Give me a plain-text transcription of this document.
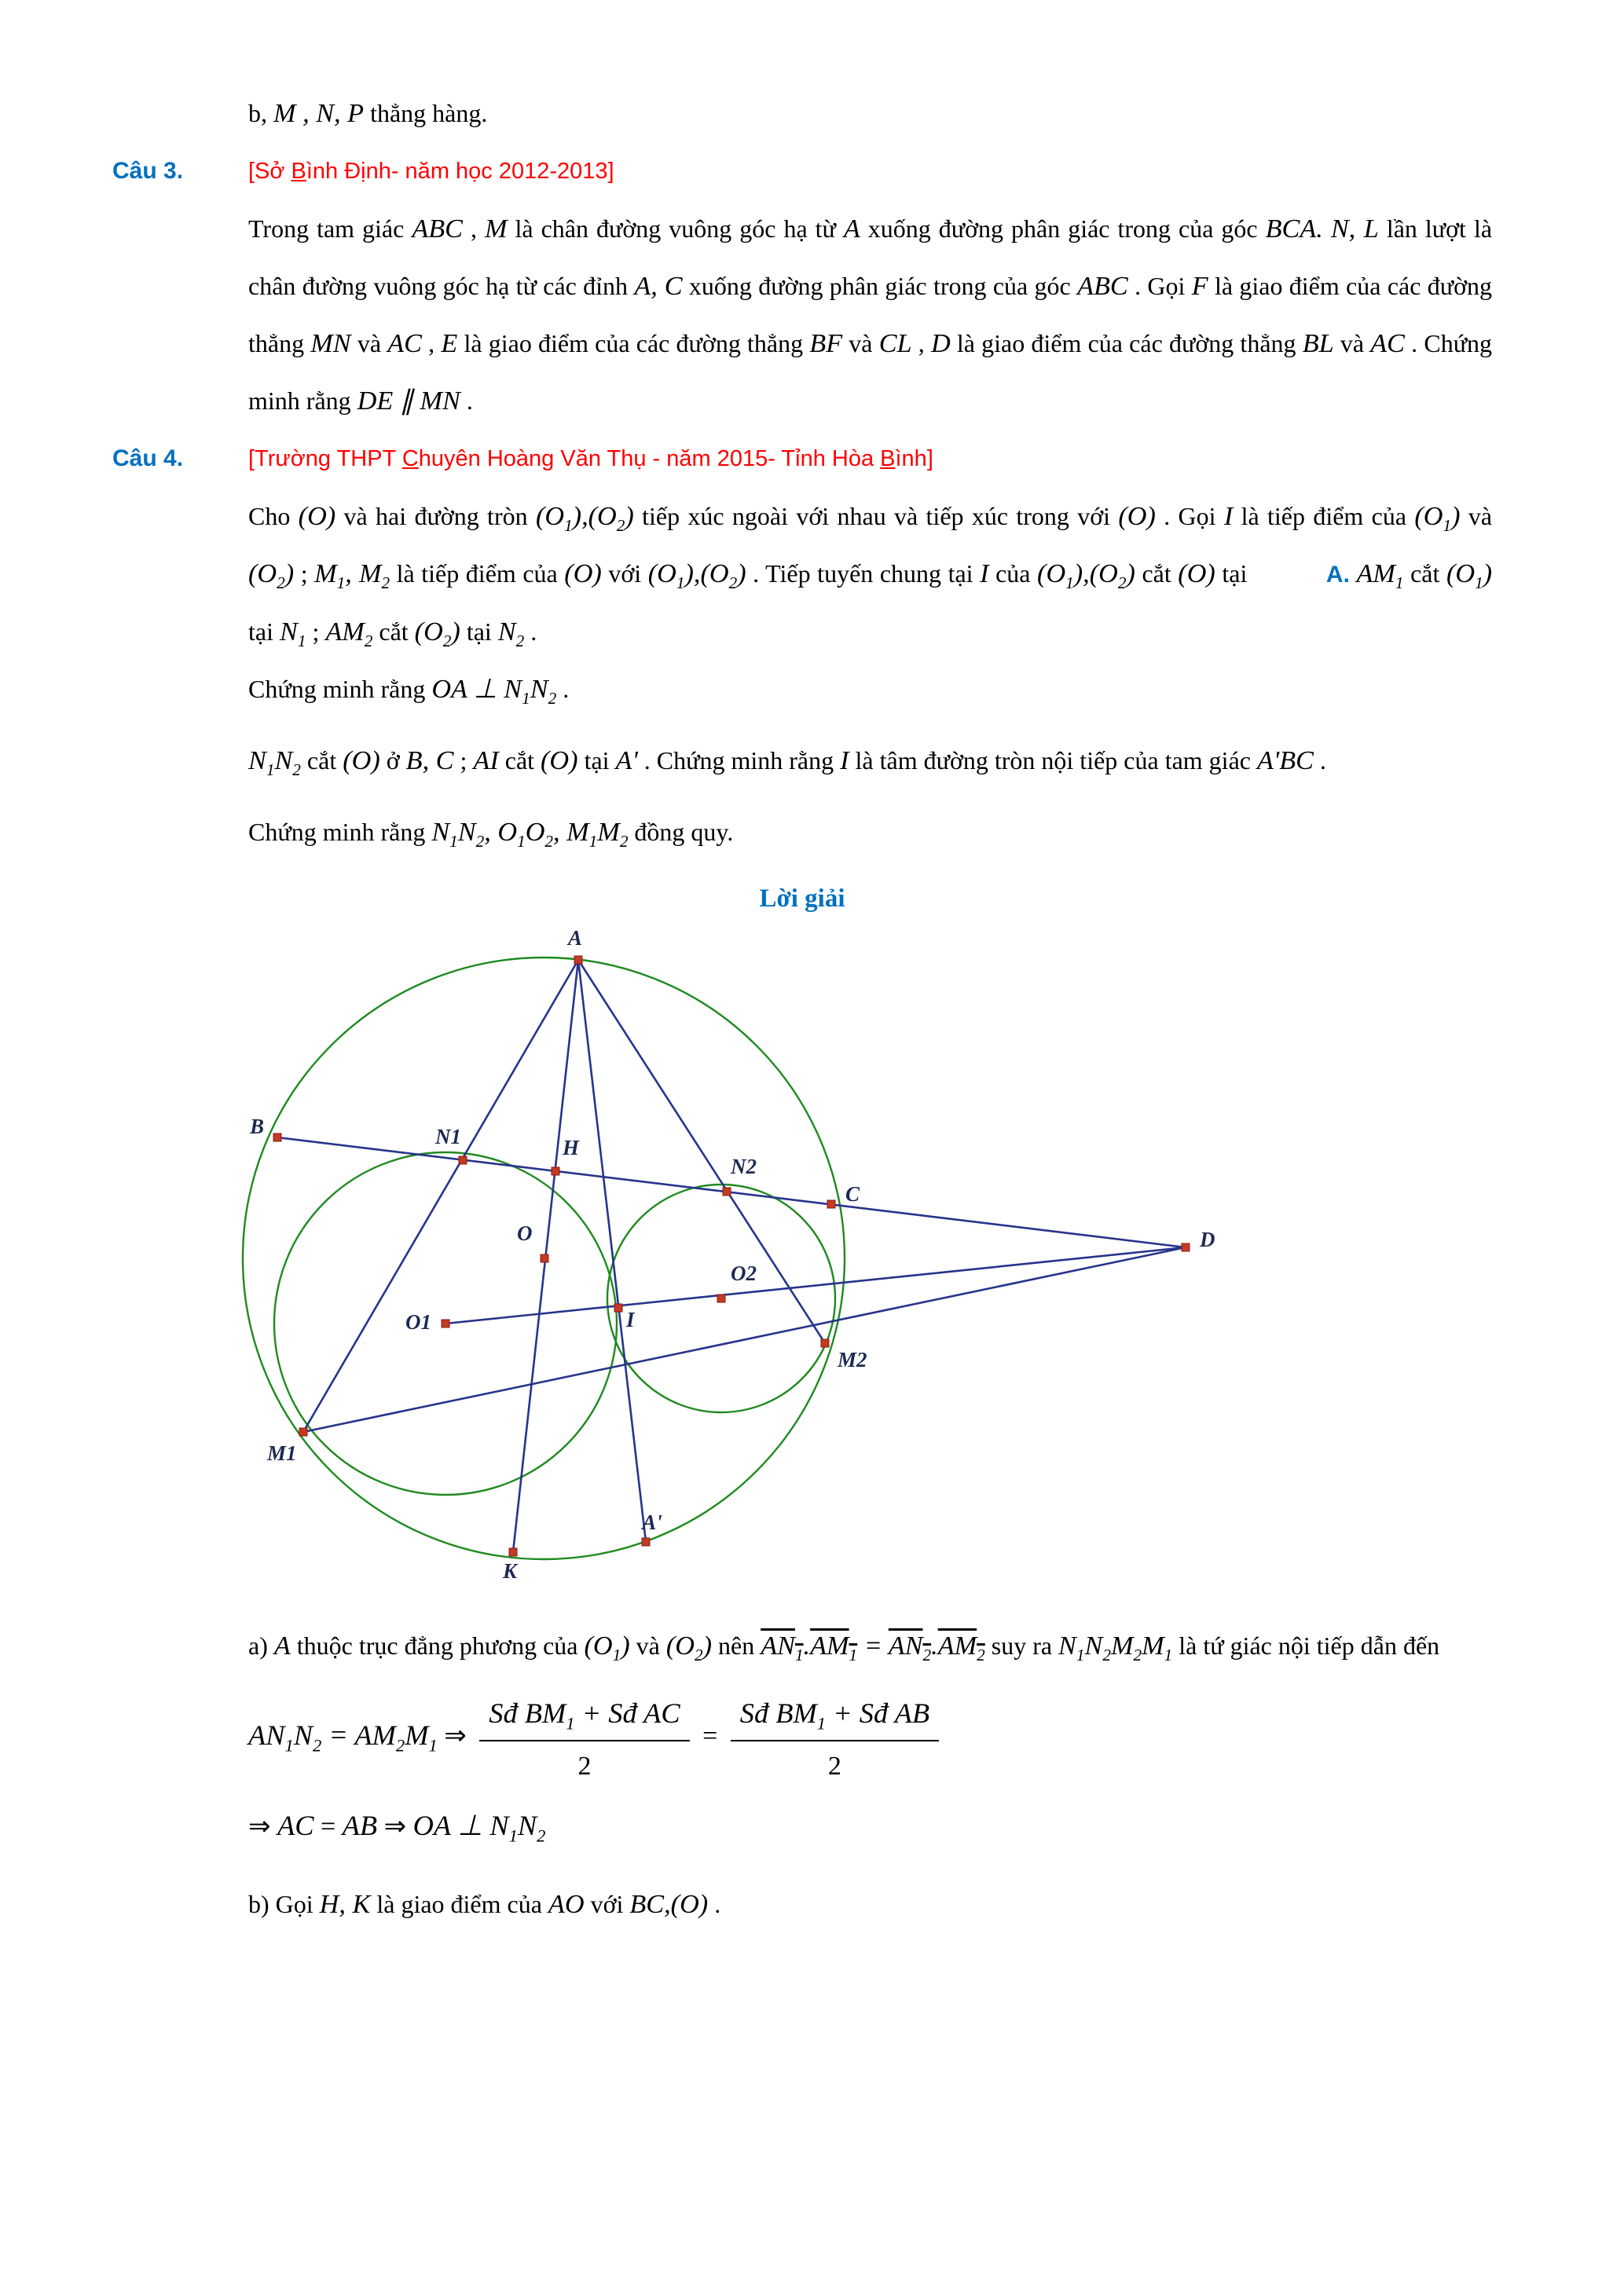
b, M , N, P thẳng hàng.

Câu 3.	[Sở Bình Định- năm học 2012-2013]

Trong tam giác ABC , M là chân đường vuông góc hạ từ A xuống đường phân giác trong của góc BCA. N, L lần lượt là chân đường vuông góc hạ từ các đỉnh A, C xuống đường phân giác trong của góc ABC . Gọi F là giao điểm của các đường thẳng MN và AC , E là giao điểm của các đường thẳng BF và CL , D là giao điểm của các đường thẳng BL và AC . Chứng minh rằng DE ∥ MN .

Câu 4.	[Trường THPT Chuyên Hoàng Văn Thụ - năm 2015- Tỉnh Hòa Bình]

Cho (O) và hai đường tròn $(O_1),(O_2)$ tiếp xúc ngoài với nhau và tiếp xúc trong với (O) . Gọi I là tiếp điểm của $(O_1)$ và $(O_2)$ ; $M_1$, $M_2$ là tiếp điểm của (O) với $(O_1),(O_2)$ . Tiếp tuyến chung tại I của $(O_1),(O_2)$ cắt (O) tại	A. $AM_1$ cắt $(O_1)$ tại $N_1$ ; $AM_2$ cắt $(O_2)$ tại $N_2$ .

Chứng minh rằng OA ⊥ $N_1N_2$ .

$N_1N_2$ cắt (O) ở B, C ; AI cắt (O) tại A' . Chứng minh rằng I là tâm đường tròn nội tiếp của tam giác A'BC .

Chứng minh rằng $N_1N_2$, $O_1O_2$, $M_1M_2$ đồng quy.

Lời giải
A
B	N1	H
N2
C
D
O
O1
O2
I
M1
M2
K
A'

a) A thuộc trục đẳng phương của $(O_1)$ và $(O_2)$ nên $AN_1.AM_1 = AN_2.AM_2$ suy ra $N_1N_2M_2M_1$ là tứ giác nội tiếp dẫn đến

$AN_1N_2 = AM_2M_1$ ⇒ $\frac{Sđ BM_1 + Sđ AC}{2} = \frac{Sđ BM_1 + Sđ AB}{2}$
⇒ AC = AB ⇒ OA ⊥ $N_1N_2$

b) Gọi H, K là giao điểm của AO với BC,(O) .
